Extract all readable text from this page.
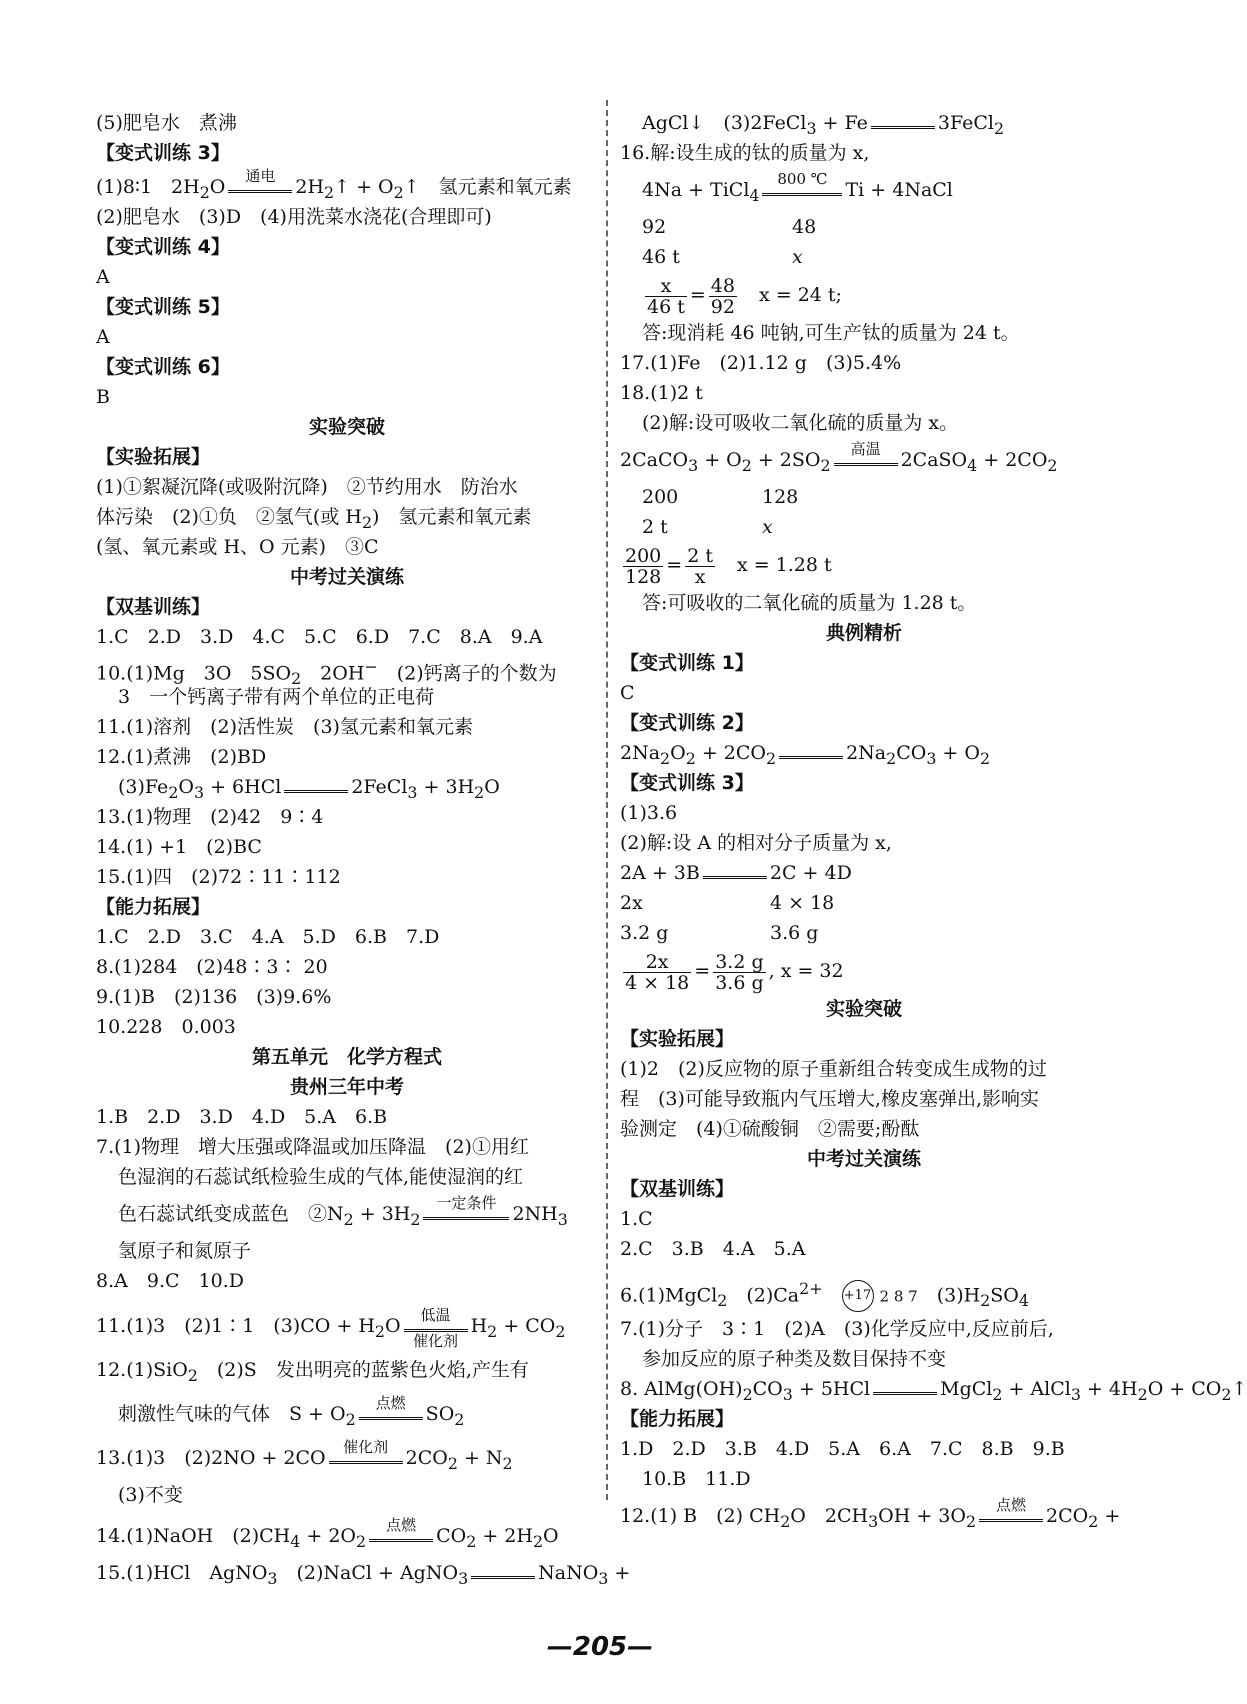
(5)肥皂水　煮沸
【变式训练 3】
(1)8∶1　$2H_2O$	通电	$2H_2↑$ + $O_2↑$　氢元素和氧元素
(2)肥皂水　(3)D　(4)用洗菜水浇花(合理即可)
【变式训练 4】
A
【变式训练 5】
A
【变式训练 6】
B
实验突破
【实验拓展】
(1)①絮凝沉降(或吸附沉降)　②节约用水　防治水
体污染　(2)①负　②氢气(或 $H_2$)　氢元素和氧元素
(氢、氧元素或 H、O 元素)　③C
中考过关演练
【双基训练】
1.C　2.D　3.D　4.C　5.C　6.D　7.C　8.A　9.A
10.(1)Mg　3O　$5SO_2$　2OH−　(2)钙离子的个数为
3　一个钙离子带有两个单位的正电荷
11.(1)溶剂　(2)活性炭　(3)氢元素和氧元素
12.(1)煮沸　(2)BD
$(3)Fe_2O_3 + 6HCl$	2FeCl$_3$ + $3H_2O$
13.(1)物理　(2)42　9∶4
14.(1) +1　(2)BC
15.(1)四　(2)72∶11∶112
【能力拓展】
1.C　2.D　3.C　4.A　5.D　6.B　7.D
8.(1)284　(2)48∶3∶ 20
9.(1)B　(2)136　(3)9.6%
10.228　0.003
第五单元　化学方程式
贵州三年中考
1.B　2.D　3.D　4.D　5.A　6.B
7.(1)物理　增大压强或降温或加压降温　(2)①用红
色湿润的石蕊试纸检验生成的气体,能使湿润的红
色石蕊试纸变成蓝色　$②N_2 + 3H_2$
一定条件 $2NH_3$
氢原子和氮原子
8.A　9.C　10.D
11.(1)3　(2)1∶1　$(3)CO + H_2O$	低温
催化剂
$H_2 + CO_2$
12.(1)SiO$_2$　(2)S　发出明亮的蓝紫色火焰,产生有
刺激性气味的气体　$S + O_2$
点燃	$SO_2$
13.(1)3　(2)2NO + 2CO	催化剂 $2CO_2 + N_2$
(3)不变
14.(1)NaOH　$(2)CH_4 + 2O_2$
点燃	$CO_2 + 2H_2O$
15.(1)HCl　AgNO$_3$　(2)NaCl + AgNO$_3$	NaNO$_3$ +
AgCl↓　(3)2FeCl$_3$ + Fe	3FeCl$_2$
16.解:设生成的钛的质量为 x,
4Na + TiCl$_4$
800 ℃ Ti + 4NaCl
92	48
46 t	x
$\frac{x}{46 t} = \frac{48}{92}$
　 x = 24 t;
答:现消耗 46 吨钠,可生产钛的质量为 24 t。
17.(1)Fe　(2)1.12 g　(3)5.4%
18.(1)2 t
(2)解:设可吸收二氧化硫的质量为 x。
2CaCO$_3$ + $O_2 + 2SO_2$
高温	2CaSO$_4$ + $2CO_2$
200	128
2 t	x
$\frac{200}{128} = \frac{2 t}{x}$
　 x = 1.28 t
答:可吸收的二氧化硫的质量为 1.28 t。
典例精析
【变式训练 1】
C
【变式训练 2】
$2Na_2O_2 + 2CO_2$	$2Na_2CO_3 + O_2$
【变式训练 3】
(1)3.6
(2)解:设 A 的相对分子质量为 x,
2A + 3B	2C + 4D
2x	4 × 18
3.2 g	3.6 g
$\frac{2x}{4 \times 18} = \frac{3.2 g}{3.6 g}$ , x = 32
实验突破
【实验拓展】
(1)2　(2)反应物的原子重新组合转变成生成物的过
程　(3)可能导致瓶内气压增大,橡皮塞弹出,影响实
验测定　(4)①硫酸铜　②需要;酚酞
中考过关演练
【双基训练】
1.C
2.C　3.B　4.A　5.A
6.(1)MgCl$_2$　$(2)Ca^{2+}$　 +17 2 8 7　$(3)H_2SO_4$
7.(1)分子　3∶1　(2)A　(3)化学反应中,反应前后,
参加反应的原子种类及数目保持不变
8. $AlMg(OH)_2CO_3 + 5HCl$	MgCl$_2$ + AlCl$_3$ + $4H_2O$ + $CO_2↑$
【能力拓展】
1.D　2.D　3.B　4.D　5.A　6.A　7.C　8.B　9.B
10.B　11.D
12.(1) B　(2) $CH_2O$　$2CH_3OH + 3O_2$
点燃	$2CO_2$ +
—205—
